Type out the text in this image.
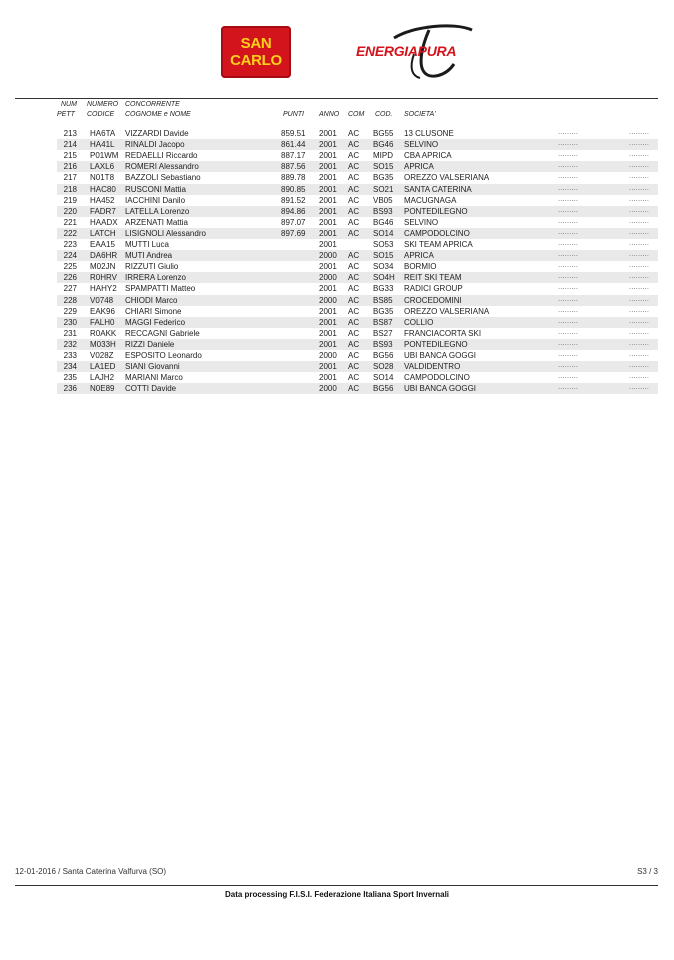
SAN
CARLO
ENERGIAPURA
NUM
PETT
NUMERO
CODICE
CONCORRENTE
COGNOME e NOME	PUNTI ANNO COM COD. SOCIETA'
213 HA6TA VIZZARDI Davide	859.51 2001 AC BG55 13 CLUSONE	.........	.........
214 HA41L RINALDI Jacopo	861.44 2001 AC BG46 SELVINO	.........	.........
215 P01WM REDAELLI Riccardo	887.17 2001 AC MIPD CBA APRICA	.........	.........
216 LAXL6 ROMERI Alessandro	887.56 2001 AC SO15 APRICA	.........	.........
217 N01T8 BAZZOLI Sebastiano	889.78 2001 AC BG35 OREZZO VALSERIANA	.........	.........
218 HAC80 RUSCONI Mattia	890.85 2001 AC SO21 SANTA CATERINA	.........	.........
219 HA452 IACCHINI Danilo	891.52 2001 AC VB05 MACUGNAGA	.........	.........
220 FADR7 LATELLA Lorenzo	894.86 2001 AC BS93 PONTEDILEGNO	.........	.........
221 HAADX ARZENATI Mattia	897.07 2001 AC BG46 SELVINO	.........	.........
222 LATCH LISIGNOLI Alessandro	897.69 2001 AC SO14 CAMPODOLCINO	.........	.........
223 EAA15 MUTTI Luca	2001	SO53 SKI TEAM APRICA	.........	.........
224 DA6HR MUTI Andrea	2000 AC SO15 APRICA	.........	.........
225 M02JN RIZZUTI Giulio	2001 AC SO34 BORMIO	.........	.........
226 R0HRV IRRERA Lorenzo	2000 AC SO4H REIT SKI TEAM	.........	.........
227 HAHY2 SPAMPATTI Matteo	2001 AC BG33 RADICI GROUP	.........	.........
228 V0748 CHIODI Marco	2000 AC BS85 CROCEDOMINI	.........	.........
229 EAK96 CHIARI Simone	2001 AC BG35 OREZZO VALSERIANA	.........	.........
230 FALH0 MAGGI Federico	2001 AC BS87 COLLIO	.........	.........
231 R0AKK RECCAGNI Gabriele	2001 AC BS27 FRANCIACORTA SKI	.........	.........
232 M033H RIZZI Daniele	2001 AC BS93 PONTEDILEGNO	.........	.........
233 V028Z ESPOSITO Leonardo	2000 AC BG56 UBI BANCA GOGGI	.........	.........
234 LA1ED SIANI Giovanni	2001 AC SO28 VALDIDENTRO	.........	.........
235 LAJH2 MARIANI Marco	2001 AC SO14 CAMPODOLCINO	.........	.........
236 N0E89 COTTI Davide	2000 AC BG56 UBI BANCA GOGGI	.........	.........
12-01-2016 / Santa Caterina Valfurva (SO)	S3 / 3
Data processing F.I.S.I. Federazione Italiana Sport Invernali
